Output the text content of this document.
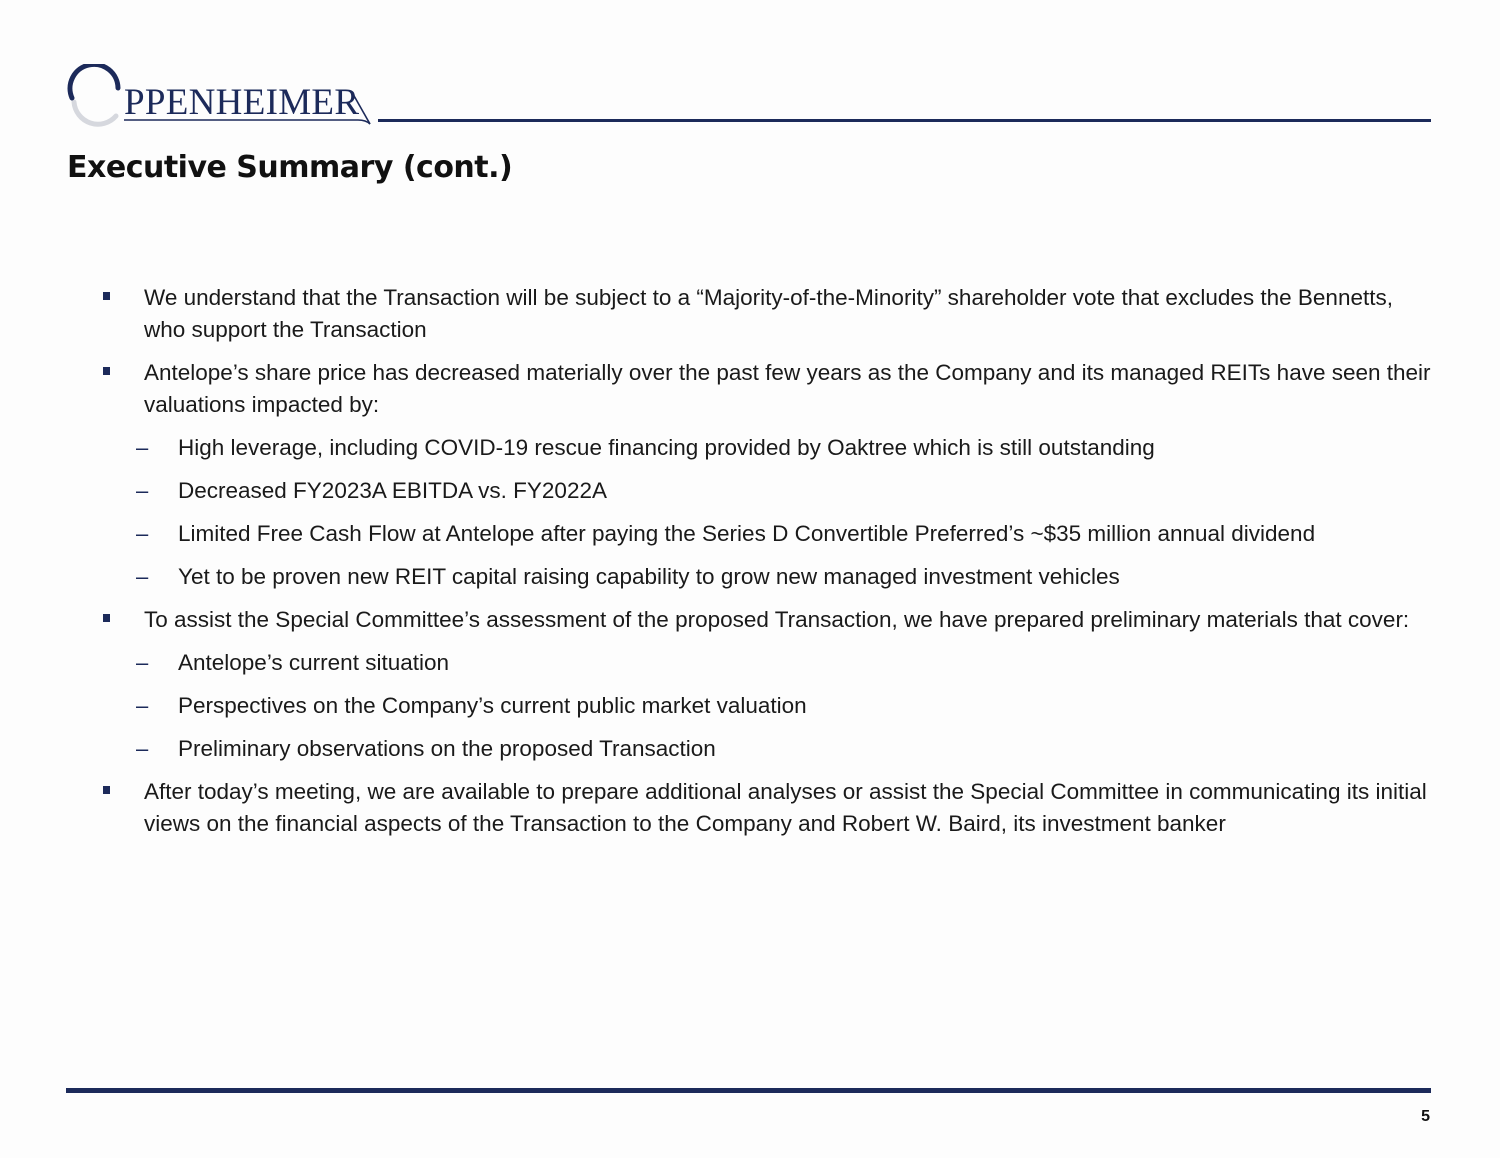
PPENHEIMER
Executive Summary (cont.)
We understand that the Transaction will be subject to a “Majority-of-the-Minority” shareholder vote that excludes the Bennetts, who support the Transaction
Antelope’s share price has decreased materially over the past few years as the Company and its managed REITs have seen their valuations impacted by:
– High leverage, including COVID-19 rescue financing provided by Oaktree which is still outstanding
– Decreased FY2023A EBITDA vs. FY2022A
– Limited Free Cash Flow at Antelope after paying the Series D Convertible Preferred’s ~$35 million annual dividend
– Yet to be proven new REIT capital raising capability to grow new managed investment vehicles
To assist the Special Committee’s assessment of the proposed Transaction, we have prepared preliminary materials that cover:
– Antelope’s current situation
– Perspectives on the Company’s current public market valuation
– Preliminary observations on the proposed Transaction
After today’s meeting, we are available to prepare additional analyses or assist the Special Committee in communicating its initial views on the financial aspects of the Transaction to the Company and Robert W. Baird, its investment banker
5
